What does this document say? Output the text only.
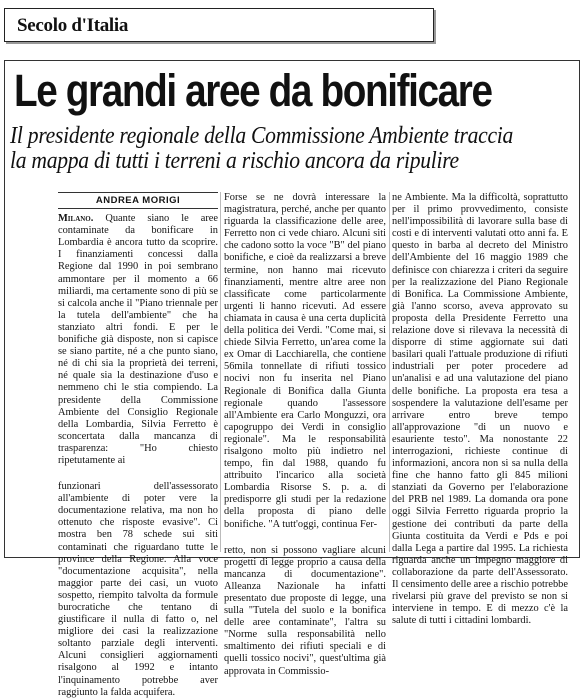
Secolo d'Italia
Le grandi aree da bonificare
Il presidente regionale della Commissione Ambiente traccia
la mappa di tutti i terreni a rischio ancora da ripulire
ANDREA MORIGI

Milano. Quante siano le aree contaminate da bonificare in Lombardia è ancora tutto da scoprire. I finanziamenti concessi dalla Regione dal 1990 in poi sembrano ammontare per il momento a 66 miliardi, ma certamente sono di più se si calcola anche il "Piano triennale per la tutela dell'ambiente" che ha stanziato altri fondi. E per le bonifiche già disposte, non si capisce se siano partite, né a che punto siano, né di chi sia la proprietà dei terreni, né quale sia la destinazione d'uso e nemmeno chi le stia compiendo. La presidente della Commissione Ambiente del Consiglio Regionale della Lombardia, Silvia Ferretto è sconcertata dalla mancanza di trasparenza: "Ho chiesto ripetutamente ai

funzionari dell'assessorato all'ambiente di poter vere la documentazione relativa, ma non ho ottenuto che risposte evasive". Ci mostra ben 78 schede sui siti contaminati che riguardano tutte le province della Regione. Alla voce "documentazione acquisita", nella maggior parte dei casi, un vuoto sospetto, riempito talvolta da formule burocratiche che tentano di giustificare il nulla di fatto o, nel migliore dei casi la realizzazione soltanto parziale degli interventi. Alcuni consiglieri aggiornamenti risalgono al 1992 e intanto l'inquinamento potrebbe aver raggiunto la falda acquifera.

Forse se ne dovrà interessare la magistratura, perché, anche per quanto riguarda la classificazione delle aree, Ferretto non ci vede chiaro. Alcuni siti che cadono sotto la voce "B" del piano bonifiche, e cioè da realizzarsi a breve termine, non hanno mai ricevuto finanziamenti, mentre altre aree non classificate come particolarmente urgenti li hanno ricevuti. Ad essere chiamata in causa è una certa duplicità della politica dei Verdi. "Come mai, si chiede Silvia Ferretto, un'area come la ex Omar di Lacchiarella, che contiene 56mila tonnellate di rifiuti tossico nocivi non fu inserita nel Piano Regionale di Bonifica dalla Giunta regionale quando l'assessore all'Ambiente era Carlo Monguzzi, ora capogruppo dei Verdi in consiglio regionale". Ma le responsabilità risalgono molto più indietro nel tempo, fin dal 1988, quando fu attribuito l'incarico alla società Lombardia Risorse S. p. a. di predisporre gli studi per la redazione della proposta di piano delle bonifiche. "A tutt'oggi, continua Fer-

retto, non si possono vagliare alcuni progetti di legge proprio a causa della mancanza di documentazione". Alleanza Nazionale ha infatti presentato due proposte di legge, una sulla "Tutela del suolo e la bonifica delle aree contaminate", l'altra su "Norme sulla responsabilità nello smaltimento dei rifiuti speciali e di quelli tossico nocivi", quest'ultima già approvata in Commissio-

ne Ambiente. Ma la difficoltà, soprattutto per il primo provvedimento, consiste nell'impossibilità di lavorare sulla base di costi e di interventi valutati otto anni fa. E questo in barba al decreto del Ministro dell'Ambiente del 16 maggio 1989 che definisce con chiarezza i criteri da seguire per la realizzazione del Piano Regionale di Bonifica. La Commissione Ambiente, già l'anno scorso, aveva approvato su proposta della Presidente Ferretto una relazione dove si rilevava la necessità di disporre di stime aggiornate sui dati basilari quali l'attuale produzione di rifiuti industriali per poter procedere ad un'analisi e ad una valutazione del piano delle bonifiche. La proposta era tesa a sospendere la valutazione dell'esame per arrivare entro breve tempo all'approvazione "di un nuovo e esauriente testo". Ma nonostante 22 interrogazioni, richieste continue di informazioni, ancora non si sa nulla della fine che hanno fatto gli 845 milioni stanziati da Governo per l'elaborazione del PRB nel 1989. La domanda ora pone oggi Silvia Ferretto riguarda proprio la gestione dei contributi da parte della Giunta costituita da Verdi e Pds e poi dalla Lega a partire dal 1995. La richiesta riguarda anche un impegno maggiore di collaborazione da parte dell'Assessorato. Il censimento delle aree a rischio potrebbe rivelarsi più grave del previsto se non si interviene in tempo. E di mezzo c'è la salute di tutti i cittadini lombardi.
